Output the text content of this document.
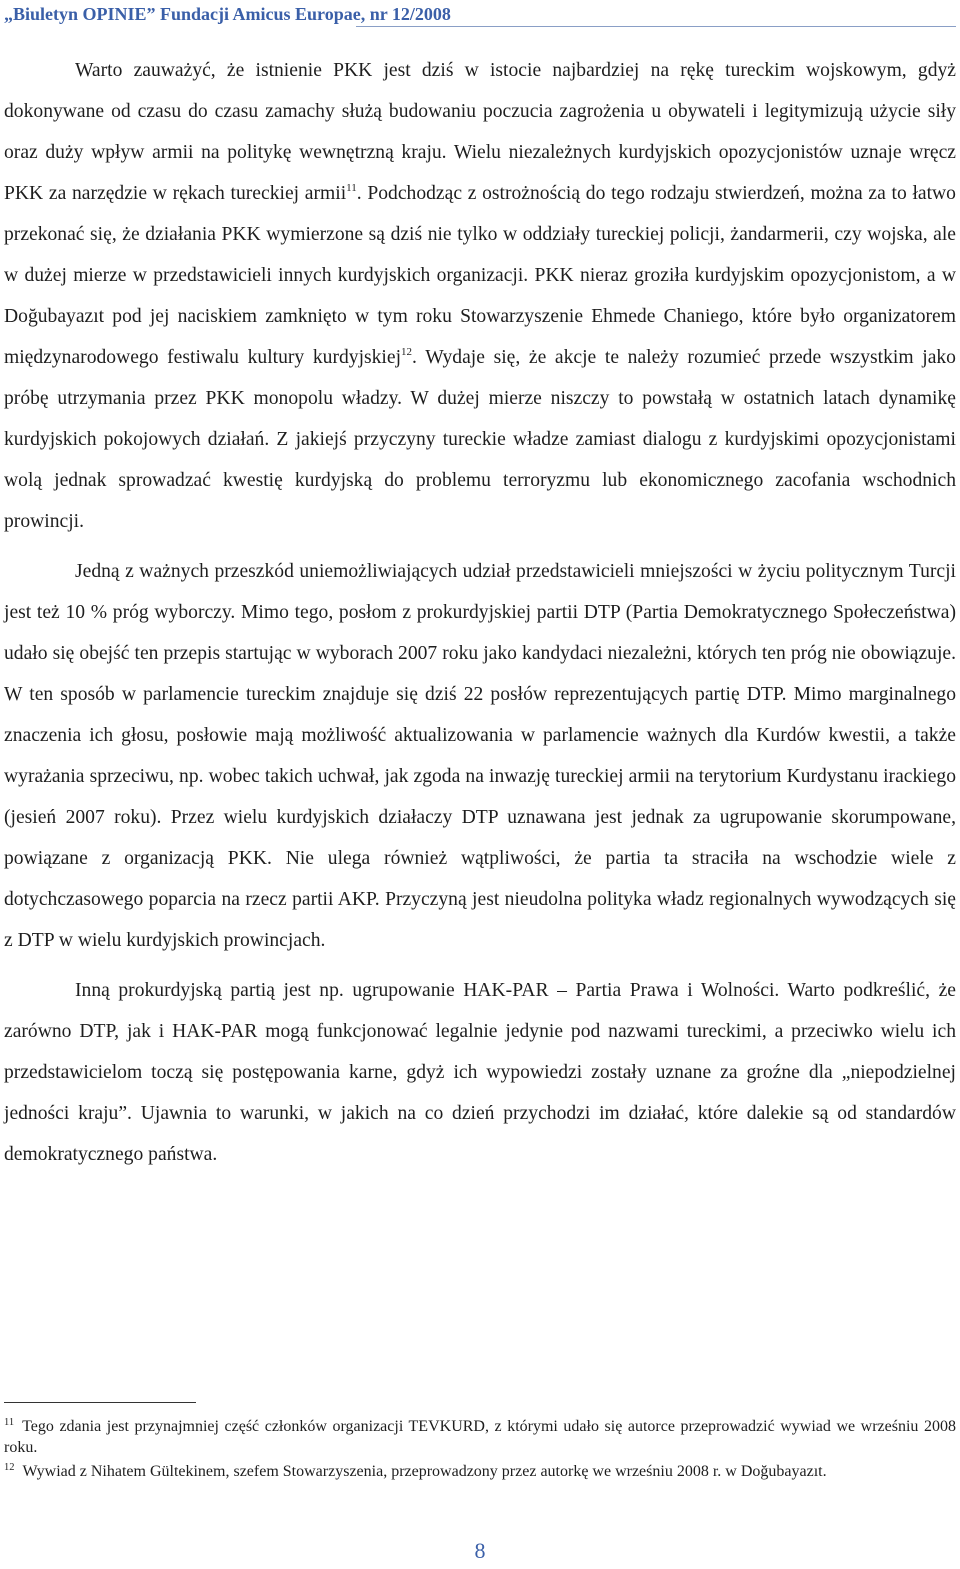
„Biuletyn OPINIE” Fundacji Amicus Europae, nr 12/2008

Warto zauważyć, że istnienie PKK jest dziś w istocie najbardziej na rękę tureckim wojskowym, gdyż dokonywane od czasu do czasu zamachy służą budowaniu poczucia zagrożenia u obywateli i legitymizują użycie siły oraz duży wpływ armii na politykę wewnętrzną kraju. Wielu niezależnych kurdyjskich opozycjonistów uznaje wręcz PKK za narzędzie w rękach tureckiej armii$^{11}$. Podchodząc z ostrożnością do tego rodzaju stwierdzeń, można za to łatwo przekonać się, że działania PKK wymierzone są dziś nie tylko w oddziały tureckiej policji, żandarmerii, czy wojska, ale w dużej mierze w przedstawicieli innych kurdyjskich organizacji. PKK nieraz groziła kurdyjskim opozycjonistom, a w Doğubayazıt pod jej naciskiem zamknięto w tym roku Stowarzyszenie Ehmede Chaniego, które było organizatorem międzynarodowego festiwalu kultury kurdyjskiej$^{12}$. Wydaje się, że akcje te należy rozumieć przede wszystkim jako próbę utrzymania przez PKK monopolu władzy. W dużej mierze niszczy to powstałą w ostatnich latach dynamikę kurdyjskich pokojowych działań. Z jakiejś przyczyny tureckie władze zamiast dialogu z kurdyjskimi opozycjonistami wolą jednak sprowadzać kwestię kurdyjską do problemu terroryzmu lub ekonomicznego zacofania wschodnich prowincji.

Jedną z ważnych przeszkód uniemożliwiających udział przedstawicieli mniejszości w życiu politycznym Turcji jest też 10 % próg wyborczy. Mimo tego, posłom z prokurdyjskiej partii DTP (Partia Demokratycznego Społeczeństwa) udało się obejść ten przepis startując w wyborach 2007 roku jako kandydaci niezależni, których ten próg nie obowiązuje. W ten sposób w parlamencie tureckim znajduje się dziś 22 posłów reprezentujących partię DTP. Mimo marginalnego znaczenia ich głosu, posłowie mają możliwość aktualizowania w parlamencie ważnych dla Kurdów kwestii, a także wyrażania sprzeciwu, np. wobec takich uchwał, jak zgoda na inwazję tureckiej armii na terytorium Kurdystanu irackiego (jesień 2007 roku). Przez wielu kurdyjskich działaczy DTP uznawana jest jednak za ugrupowanie skorumpowane, powiązane z organizacją PKK. Nie ulega również wątpliwości, że partia ta straciła na wschodzie wiele z dotychczasowego poparcia na rzecz partii AKP. Przyczyną jest nieudolna polityka władz regionalnych wywodzących się z DTP w wielu kurdyjskich prowincjach.

Inną prokurdyjską partią jest np. ugrupowanie HAK-PAR – Partia Prawa i Wolności. Warto podkreślić, że zarówno DTP, jak i HAK-PAR mogą funkcjonować legalnie jedynie pod nazwami tureckimi, a przeciwko wielu ich przedstawicielom toczą się postępowania karne, gdyż ich wypowiedzi zostały uznane za groźne dla „niepodzielnej jedności kraju”. Ujawnia to warunki, w jakich na co dzień przychodzi im działać, które dalekie są od standardów demokratycznego państwa.

$^{11}$ Tego zdania jest przynajmniej część członków organizacji TEVKURD, z którymi udało się autorce przeprowadzić wywiad we wrześniu 2008 roku.

$^{12}$ Wywiad z Nihatem Gültekinem, szefem Stowarzyszenia, przeprowadzony przez autorkę we wrześniu 2008 r. w Doğubayazıt.

8
